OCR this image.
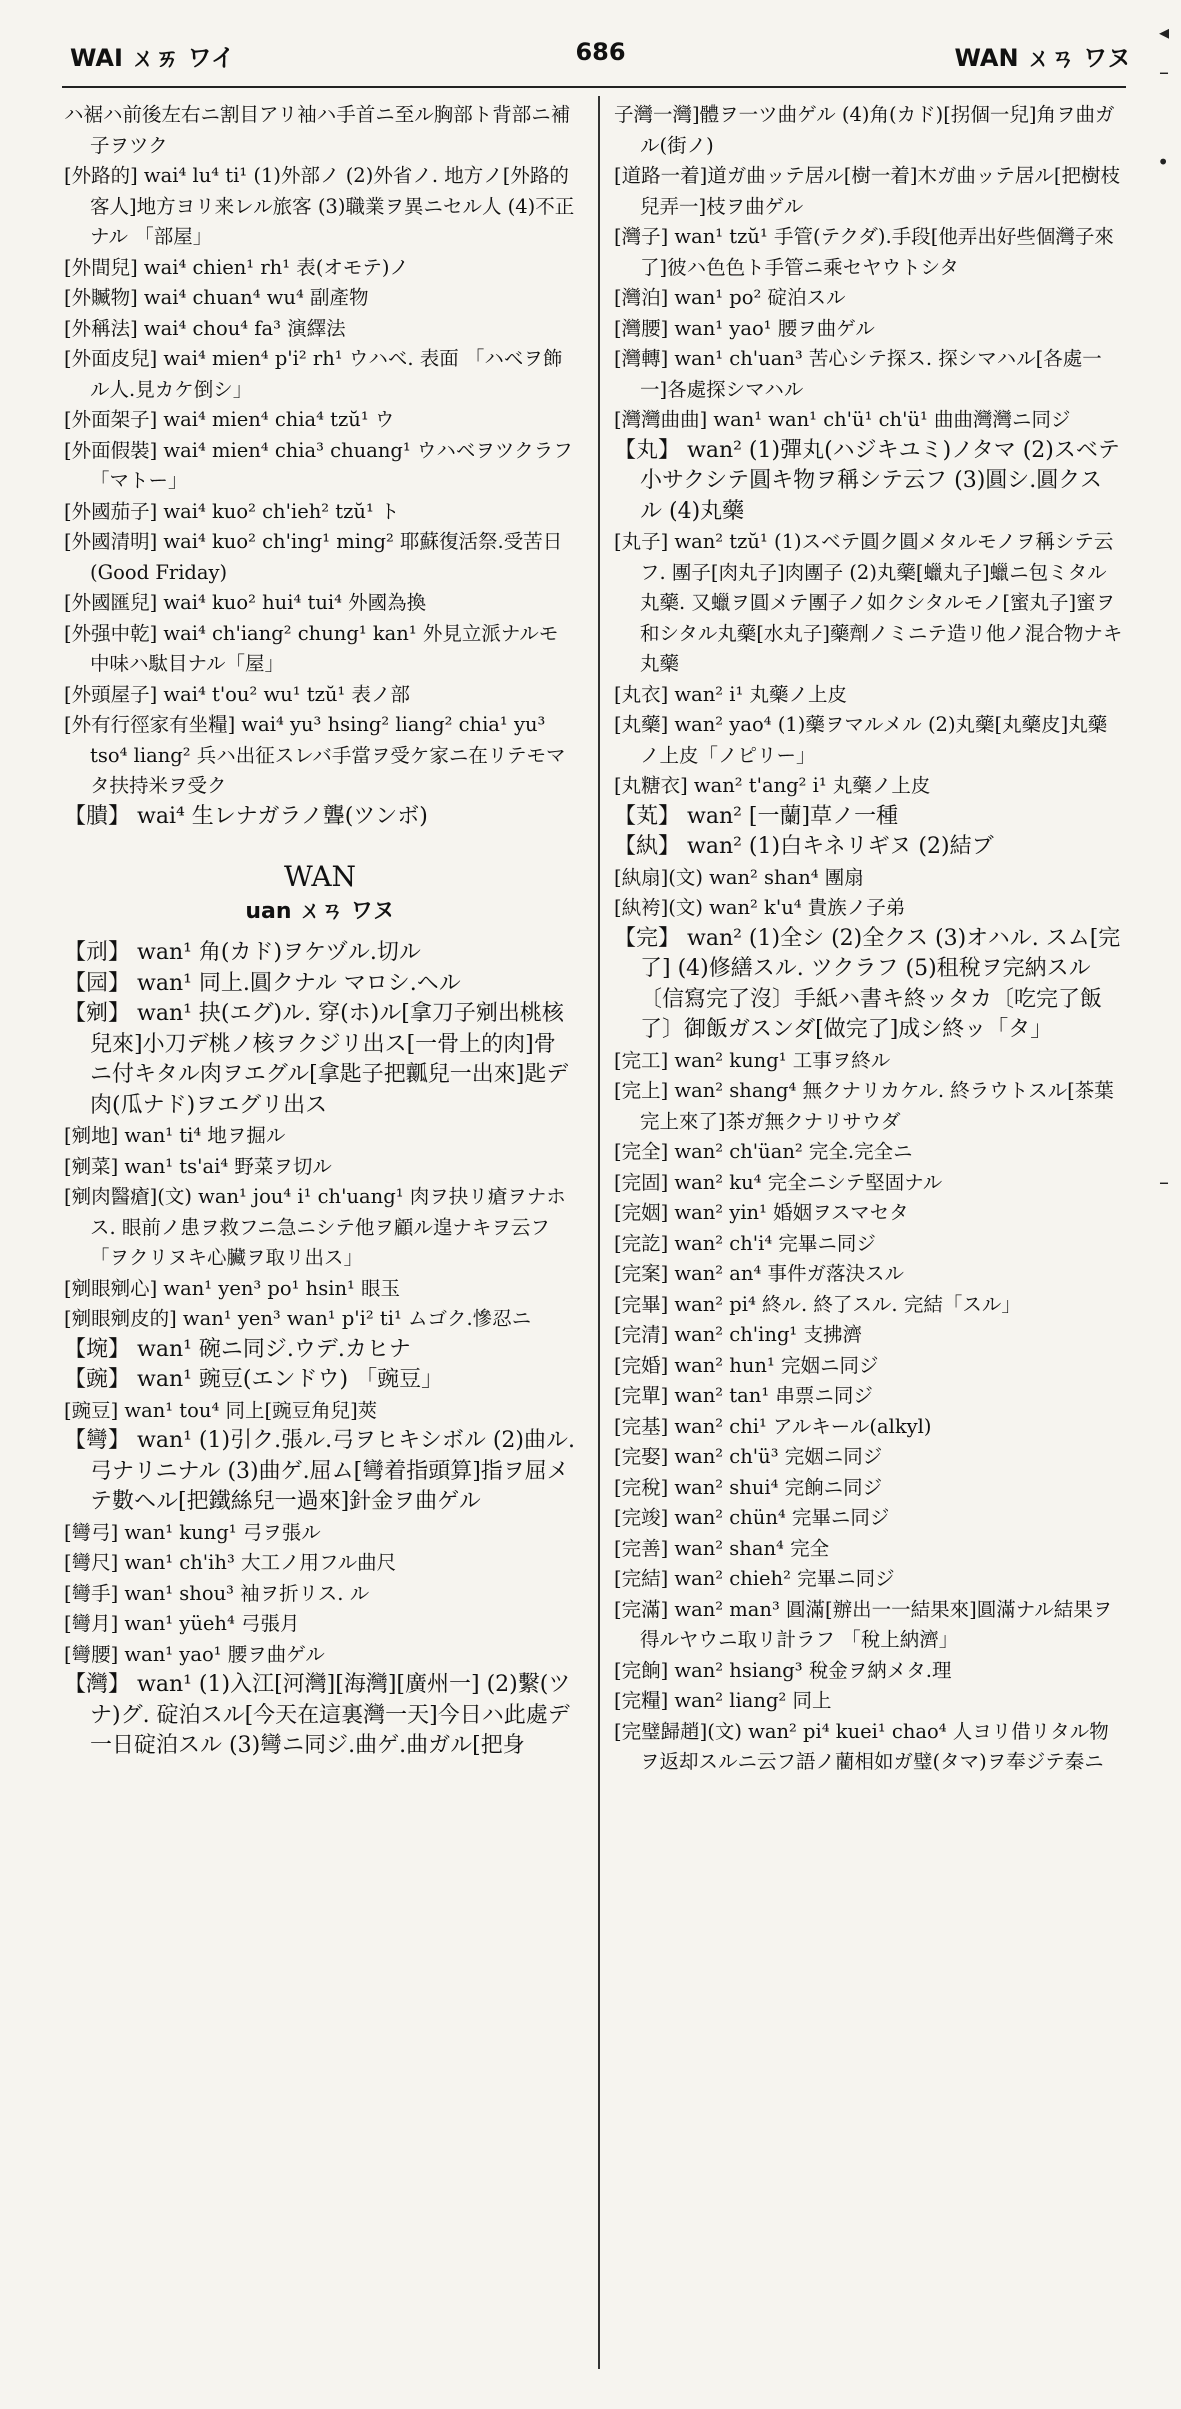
WAI ㄨㄞ ワイ	686	WAN ㄨㄢ ワヌ

ハ裾ハ前後左右ニ割目アリ袖ハ手首ニ至ル胸部ト背部ニ補子ヲツク

[外路的] wai⁴ lu⁴ ti¹ (1)外部ノ (2)外省ノ. 地方ノ[外路的客人]地方ヨリ来レル旅客 (3)職業ヲ異ニセル人 (4)不正ナル 「部屋」

[外間兒] wai⁴ chien¹ rh¹ 表(オモテ)ノ

[外贓物] wai⁴ chuan⁴ wu⁴ 副產物

[外稱法] wai⁴ chou⁴ fa³ 演繹法

[外面皮兒] wai⁴ mien⁴ p'i² rh¹ ウハベ. 表面 「ハベヲ飾ル人.見カケ倒シ」

[外面架子] wai⁴ mien⁴ chia⁴ tzŭ¹ ウ

[外面假裝] wai⁴ mien⁴ chia³ chuang¹ ウハベヲツクラフ 「マトー」

[外國茄子] wai⁴ kuo² ch'ieh² tzŭ¹ ト

[外國清明] wai⁴ kuo² ch'ing¹ ming² 耶蘇復活祭.受苦日(Good Friday)

[外國匯兒] wai⁴ kuo² hui⁴ tui⁴ 外國為換

[外强中乾] wai⁴ ch'iang² chung¹ kan¹ 外見立派ナルモ中味ハ駄目ナル「屋」

[外頭屋子] wai⁴ t'ou² wu¹ tzŭ¹ 表ノ部

[外有行徑家有坐糧] wai⁴ yu³ hsing² liang² chia¹ yu³ tso⁴ liang² 兵ハ出征スレバ手當ヲ受ケ家ニ在リテモマタ扶持米ヲ受ク

【膭】 wai⁴ 生レナガラノ聾(ツンボ)

WAN
uan ㄨㄢ ワヌ

【刓】 wan¹ 角(カド)ヲケヅル.切ル

【园】 wan¹ 同上.圓クナル マロシ.ヘル

【剜】 wan¹ 抉(エグ)ル. 穿(ホ)ル[拿刀子剜出桃核兒來]小刀デ桃ノ核ヲクジリ出ス[一骨上的肉]骨ニ付キタル肉ヲエグル[拿匙子把瓤兒一出來]匙デ肉(瓜ナド)ヲエグリ出ス

[剜地] wan¹ ti⁴ 地ヲ掘ル

[剜菜] wan¹ ts'ai⁴ 野菜ヲ切ル

[剜肉醫瘡](文) wan¹ jou⁴ i¹ ch'uang¹ 肉ヲ抉リ瘡ヲナホス. 眼前ノ患ヲ救フニ急ニシテ他ヲ顧ル遑ナキヲ云フ 「ヲクリヌキ心臟ヲ取リ出ス」

[剜眼剜心] wan¹ yen³ po¹ hsin¹ 眼玉

[剜眼剜皮的] wan¹ yen³ wan¹ p'i² ti¹ ムゴク.慘忍ニ

【埦】 wan¹ 碗ニ同ジ.ウデ.カヒナ

【豌】 wan¹ 豌豆(エンドウ) 「豌豆」

[豌豆] wan¹ tou⁴ 同上[豌豆角兒]莢

【彎】 wan¹ (1)引ク.張ル.弓ヲヒキシボル (2)曲ル.弓ナリニナル (3)曲ゲ.屈ム[彎着指頭算]指ヲ屈メテ數ヘル[把鐵絲兒一過來]針金ヲ曲ゲル

[彎弓] wan¹ kung¹ 弓ヲ張ル

[彎尺] wan¹ ch'ih³ 大工ノ用フル曲尺

[彎手] wan¹ shou³ 袖ヲ折リス. ル

[彎月] wan¹ yüeh⁴ 弓張月

[彎腰] wan¹ yao¹ 腰ヲ曲ゲル

【灣】 wan¹ (1)入江[河灣][海灣][廣州一] (2)繫(ツナ)グ. 碇泊スル[今天在這裏灣一天]今日ハ此處デ一日碇泊スル (3)彎ニ同ジ.曲ゲ.曲ガル[把身

子灣一灣]體ヲ一ツ曲ゲル (4)角(カド)[拐個一兒]角ヲ曲ガル(街ノ)

[道路一着]道ガ曲ッテ居ル[樹一着]木ガ曲ッテ居ル[把樹枝兒弄一]枝ヲ曲ゲル

[灣子] wan¹ tzŭ¹ 手管(テクダ).手段[他弄出好些個灣子來了]彼ハ色色ト手管ニ乘セヤウトシタ

[灣泊] wan¹ po² 碇泊スル

[灣腰] wan¹ yao¹ 腰ヲ曲ゲル

[灣轉] wan¹ ch'uan³ 苦心シテ探ス. 探シマハル[各處一一]各處探シマハル

[灣灣曲曲] wan¹ wan¹ ch'ü¹ ch'ü¹ 曲曲灣灣ニ同ジ

【丸】 wan² (1)彈丸(ハジキユミ)ノタマ (2)スベテ小サクシテ圓キ物ヲ稱シテ云フ (3)圓シ.圓クスル (4)丸藥

[丸子] wan² tzŭ¹ (1)スベテ圓ク圓メタルモノヲ稱シテ云フ. 團子[肉丸子]肉團子 (2)丸藥[蠟丸子]蠟ニ包ミタル丸藥. 又蠟ヲ圓メテ團子ノ如クシタルモノ[蜜丸子]蜜ヲ和シタル丸藥[水丸子]藥劑ノミニテ造リ他ノ混合物ナキ丸藥

[丸衣] wan² i¹ 丸藥ノ上皮

[丸藥] wan² yao⁴ (1)藥ヲマルメル (2)丸藥[丸藥皮]丸藥ノ上皮「ノピリー」

[丸糖衣] wan² t'ang² i¹ 丸藥ノ上皮

【芄】 wan² [一蘭]草ノ一種

【紈】 wan² (1)白キネリギヌ (2)結ブ

[紈扇](文) wan² shan⁴ 團扇

[紈袴](文) wan² k'u⁴ 貴族ノ子弟

【完】 wan² (1)全シ (2)全クス (3)オハル. スム[完了] (4)修繕スル. ツクラフ (5)租稅ヲ完納スル 〔信寫完了沒〕手紙ハ書キ終ッタカ〔吃完了飯了〕御飯ガスンダ[做完了]成シ終ッ「タ」

[完工] wan² kung¹ 工事ヲ終ル

[完上] wan² shang⁴ 無クナリカケル. 終ラウトスル[茶葉完上來了]茶ガ無クナリサウダ

[完全] wan² ch'üan² 完全.完全ニ

[完固] wan² ku⁴ 完全ニシテ堅固ナル

[完姻] wan² yin¹ 婚姻ヲスマセタ

[完訖] wan² ch'i⁴ 完畢ニ同ジ

[完案] wan² an⁴ 事件ガ落決スル

[完畢] wan² pi⁴ 終ル. 終了スル. 完結「スル」

[完清] wan² ch'ing¹ 支拂濟

[完婚] wan² hun¹ 完姻ニ同ジ

[完單] wan² tan¹ 串票ニ同ジ

[完基] wan² chi¹ アルキール(alkyl)

[完娶] wan² ch'ü³ 完姻ニ同ジ

[完稅] wan² shui⁴ 完餉ニ同ジ

[完竣] wan² chün⁴ 完畢ニ同ジ

[完善] wan² shan⁴ 完全

[完結] wan² chieh² 完畢ニ同ジ

[完滿] wan² man³ 圓滿[辦出一一結果來]圓滿ナル結果ヲ得ルヤウニ取リ計ラフ 「稅上納濟」

[完餉] wan² hsiang³ 稅金ヲ納メタ.理

[完糧] wan² liang² 同上

[完璧歸趙](文) wan² pi⁴ kuei¹ chao⁴ 人ヨリ借リタル物ヲ返却スルニ云フ語ノ藺相如ガ璧(タマ)ヲ奉ジテ秦ニ

◂
–
•
–
